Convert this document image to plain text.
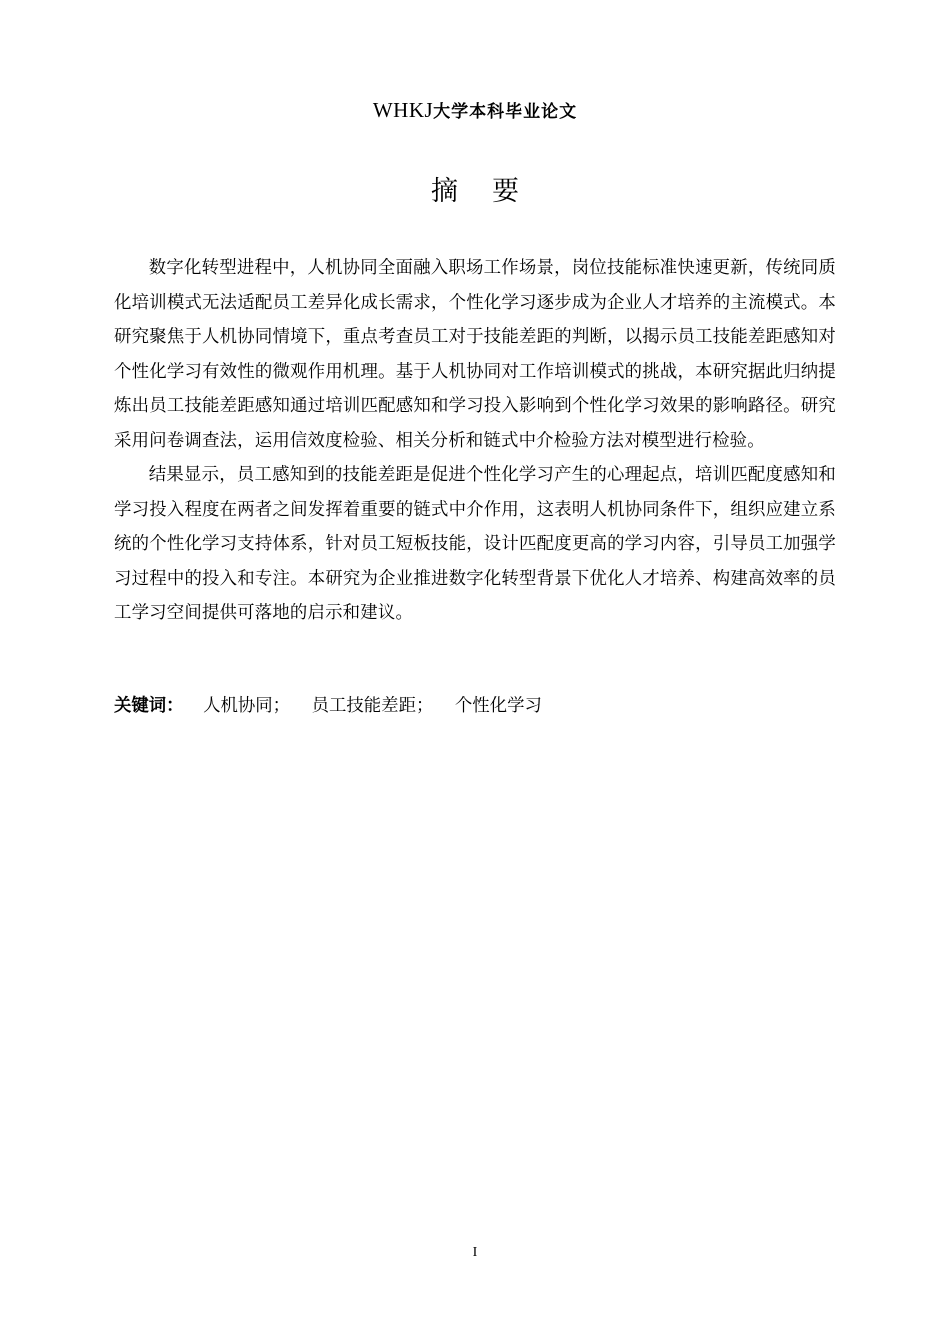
WHKJ大学本科毕业论文
摘 要

数字化转型进程中，人机协同全面融入职场工作场景，岗位技能标准快速更新，传统同质化培训模式无法适配员工差异化成长需求，个性化学习逐步成为企业人才培养的主流模式。本研究聚焦于人机协同情境下，重点考查员工对于技能差距的判断，以揭示员工技能差距感知对个性化学习有效性的微观作用机理。基于人机协同对工作培训模式的挑战，本研究据此归纳提炼出员工技能差距感知通过培训匹配感知和学习投入影响到个性化学习效果的影响路径。研究采用问卷调查法，运用信效度检验、相关分析和链式中介检验方法对模型进行检验。

结果显示，员工感知到的技能差距是促进个性化学习产生的心理起点，培训匹配度感知和学习投入程度在两者之间发挥着重要的链式中介作用，这表明人机协同条件下，组织应建立系统的个性化学习支持体系，针对员工短板技能，设计匹配度更高的学习内容，引导员工加强学习过程中的投入和专注。本研究为企业推进数字化转型背景下优化人才培养、构建高效率的员工学习空间提供可落地的启示和建议。

关键词： 人机协同； 员工技能差距； 个性化学习
I
